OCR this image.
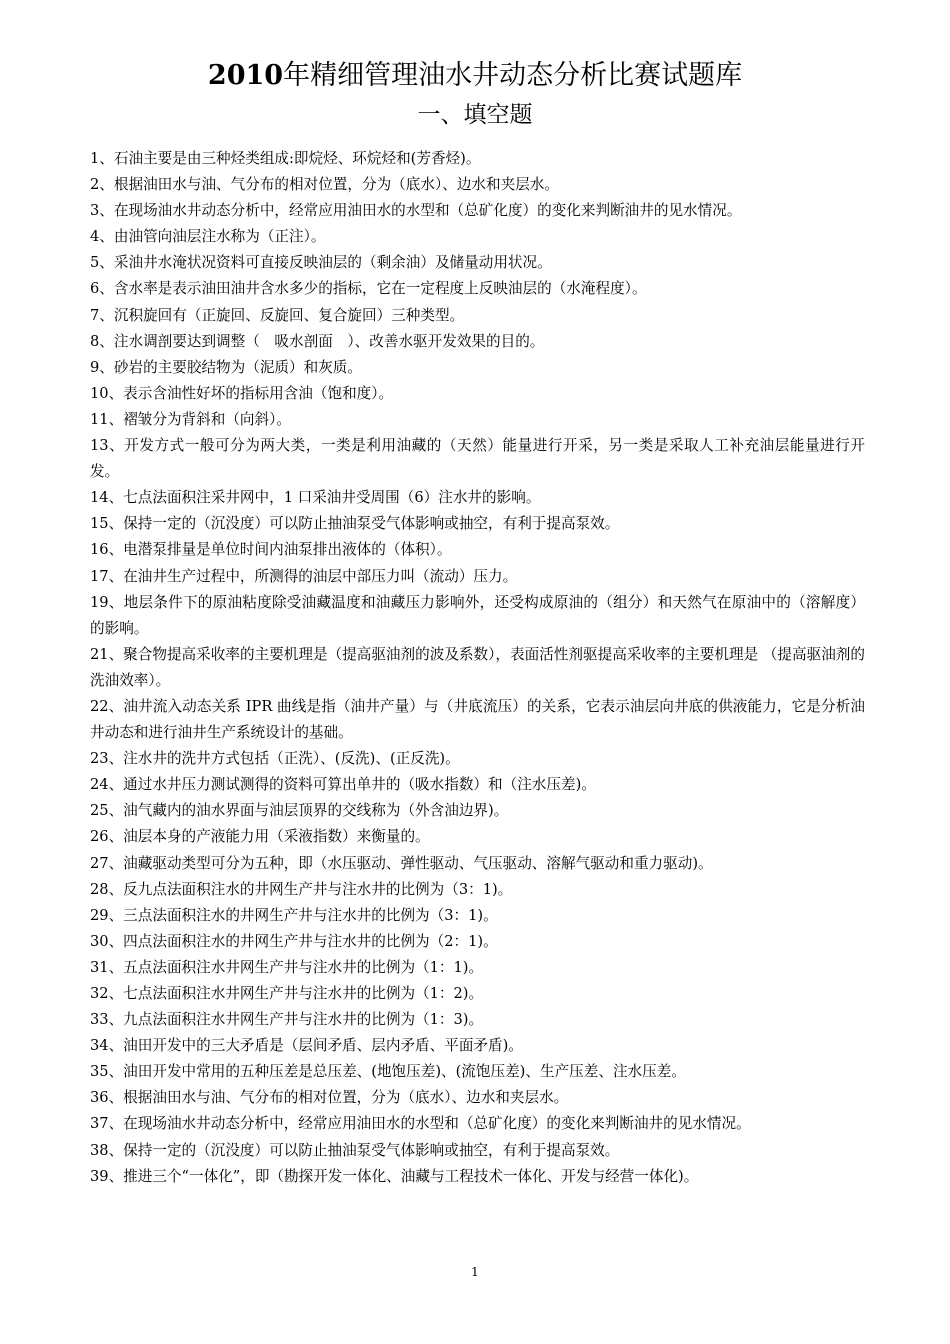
2010年精细管理油水井动态分析比赛试题库
一、填空题
1、石油主要是由三种烃类组成:即烷烃、环烷烃和(芳香烃)。
2、根据油田水与油、气分布的相对位置，分为（底水）、边水和夹层水。
3、在现场油水井动态分析中，经常应用油田水的水型和（总矿化度）的变化来判断油井的见水情况。
4、由油管向油层注水称为（正注）。
5、采油井水淹状况资料可直接反映油层的（剩余油）及储量动用状况。
6、含水率是表示油田油井含水多少的指标，它在一定程度上反映油层的（水淹程度）。
7、沉积旋回有（正旋回、反旋回、复合旋回）三种类型。
8、注水调剖要达到调整（　吸水剖面　）、改善水驱开发效果的目的。
9、砂岩的主要胶结物为（泥质）和灰质。
10、表示含油性好坏的指标用含油（饱和度）。
11、褶皱分为背斜和（向斜）。
13、开发方式一般可分为两大类，一类是利用油藏的（天然）能量进行开采，另一类是采取人工补充油层能量进行开发。
14、七点法面积注采井网中，1 口采油井受周围（6）注水井的影响。
15、保持一定的（沉没度）可以防止抽油泵受气体影响或抽空，有利于提高泵效。
16、电潜泵排量是单位时间内油泵排出液体的（体积）。
17、在油井生产过程中，所测得的油层中部压力叫（流动）压力。
19、地层条件下的原油粘度除受油藏温度和油藏压力影响外，还受构成原油的（组分）和天然气在原油中的（溶解度）的影响。
21、聚合物提高采收率的主要机理是（提高驱油剂的波及系数），表面活性剂驱提高采收率的主要机理是 （提高驱油剂的洗油效率）。
22、油井流入动态关系 IPR 曲线是指（油井产量）与（井底流压）的关系，它表示油层向井底的供液能力，它是分析油井动态和进行油井生产系统设计的基础。
23、注水井的洗井方式包括（正洗）、(反洗)、(正反洗)。
24、通过水井压力测试测得的资料可算出单井的（吸水指数）和（注水压差)。
25、油气藏内的油水界面与油层顶界的交线称为（外含油边界)。
26、油层本身的产液能力用（采液指数）来衡量的。
27、油藏驱动类型可分为五种，即（水压驱动、弹性驱动、气压驱动、溶解气驱动和重力驱动)。
28、反九点法面积注水的井网生产井与注水井的比例为（3：1)。
29、三点法面积注水的井网生产井与注水井的比例为（3：1)。
30、四点法面积注水的井网生产井与注水井的比例为（2：1)。
31、五点法面积注水井网生产井与注水井的比例为（1：1)。
32、七点法面积注水井网生产井与注水井的比例为（1：2)。
33、九点法面积注水井网生产井与注水井的比例为（1：3)。
34、油田开发中的三大矛盾是（层间矛盾、层内矛盾、平面矛盾)。
35、油田开发中常用的五种压差是总压差、(地饱压差)、(流饱压差)、生产压差、注水压差。
36、根据油田水与油、气分布的相对位置，分为（底水）、边水和夹层水。
37、在现场油水井动态分析中，经常应用油田水的水型和（总矿化度）的变化来判断油井的见水情况。
38、保持一定的（沉没度）可以防止抽油泵受气体影响或抽空，有利于提高泵效。
39、推进三个“一体化”，即（勘探开发一体化、油藏与工程技术一体化、开发与经营一体化)。
1
